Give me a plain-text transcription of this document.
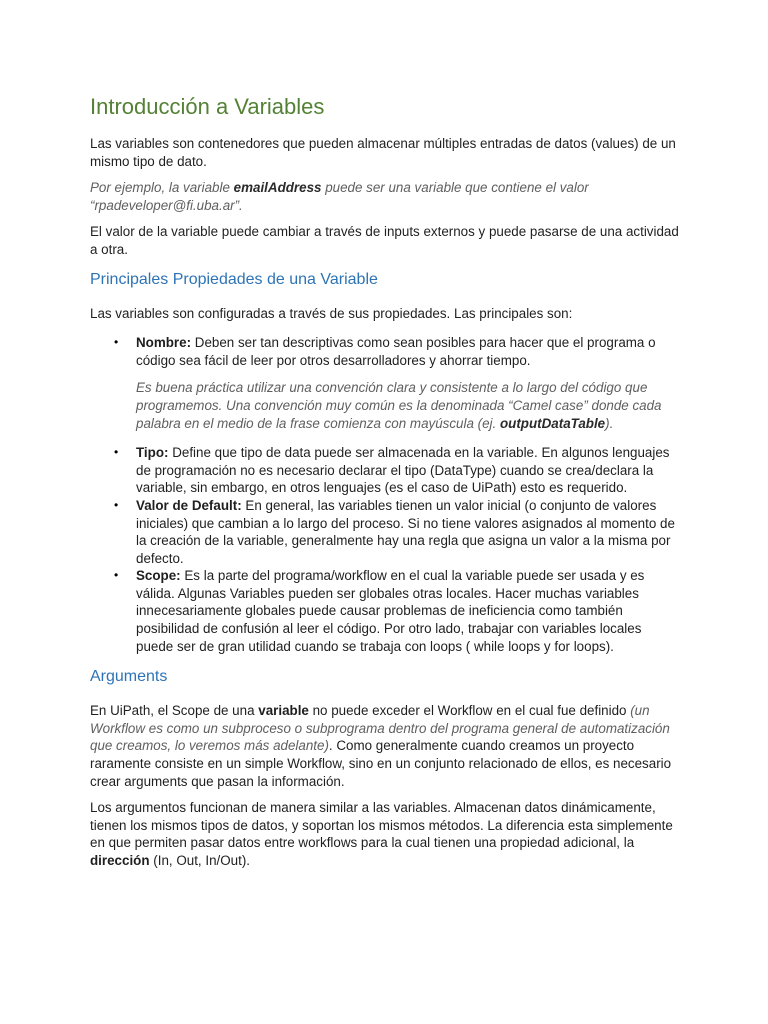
Introducción a Variables

Las variables son contenedores que pueden almacenar múltiples entradas de datos (values) de un mismo tipo de dato.

Por ejemplo, la variable emailAddress puede ser una variable que contiene el valor “rpadeveloper@fi.uba.ar”.

El valor de la variable puede cambiar a través de inputs externos y puede pasarse de una actividad a otra.

Principales Propiedades de una Variable

Las variables son configuradas a través de sus propiedades. Las principales son:

• Nombre: Deben ser tan descriptivas como sean posibles para hacer que el programa o código sea fácil de leer por otros desarrolladores y ahorrar tiempo.

Es buena práctica utilizar una convención clara y consistente a lo largo del código que programemos. Una convención muy común es la denominada “Camel case” donde cada palabra en el medio de la frase comienza con mayúscula (ej. outputDataTable).

• Tipo: Define que tipo de data puede ser almacenada en la variable. En algunos lenguajes de programación no es necesario declarar el tipo (DataType) cuando se crea/declara la variable, sin embargo, en otros lenguajes (es el caso de UiPath) esto es requerido.
• Valor de Default: En general, las variables tienen un valor inicial (o conjunto de valores iniciales) que cambian a lo largo del proceso. Si no tiene valores asignados al momento de la creación de la variable, generalmente hay una regla que asigna un valor a la misma por defecto.
• Scope: Es la parte del programa/workflow en el cual la variable puede ser usada y es válida. Algunas Variables pueden ser globales otras locales. Hacer muchas variables innecesariamente globales puede causar problemas de ineficiencia como también posibilidad de confusión al leer el código. Por otro lado, trabajar con variables locales puede ser de gran utilidad cuando se trabaja con loops ( while loops y for loops).
Arguments

En UiPath, el Scope de una variable no puede exceder el Workflow en el cual fue definido (un Workflow es como un subproceso o subprograma dentro del programa general de automatización que creamos, lo veremos más adelante). Como generalmente cuando creamos un proyecto raramente consiste en un simple Workflow, sino en un conjunto relacionado de ellos, es necesario crear arguments que pasan la información.

Los argumentos funcionan de manera similar a las variables. Almacenan datos dinámicamente, tienen los mismos tipos de datos, y soportan los mismos métodos. La diferencia esta simplemente en que permiten pasar datos entre workflows para la cual tienen una propiedad adicional, la dirección (In, Out, In/Out).
